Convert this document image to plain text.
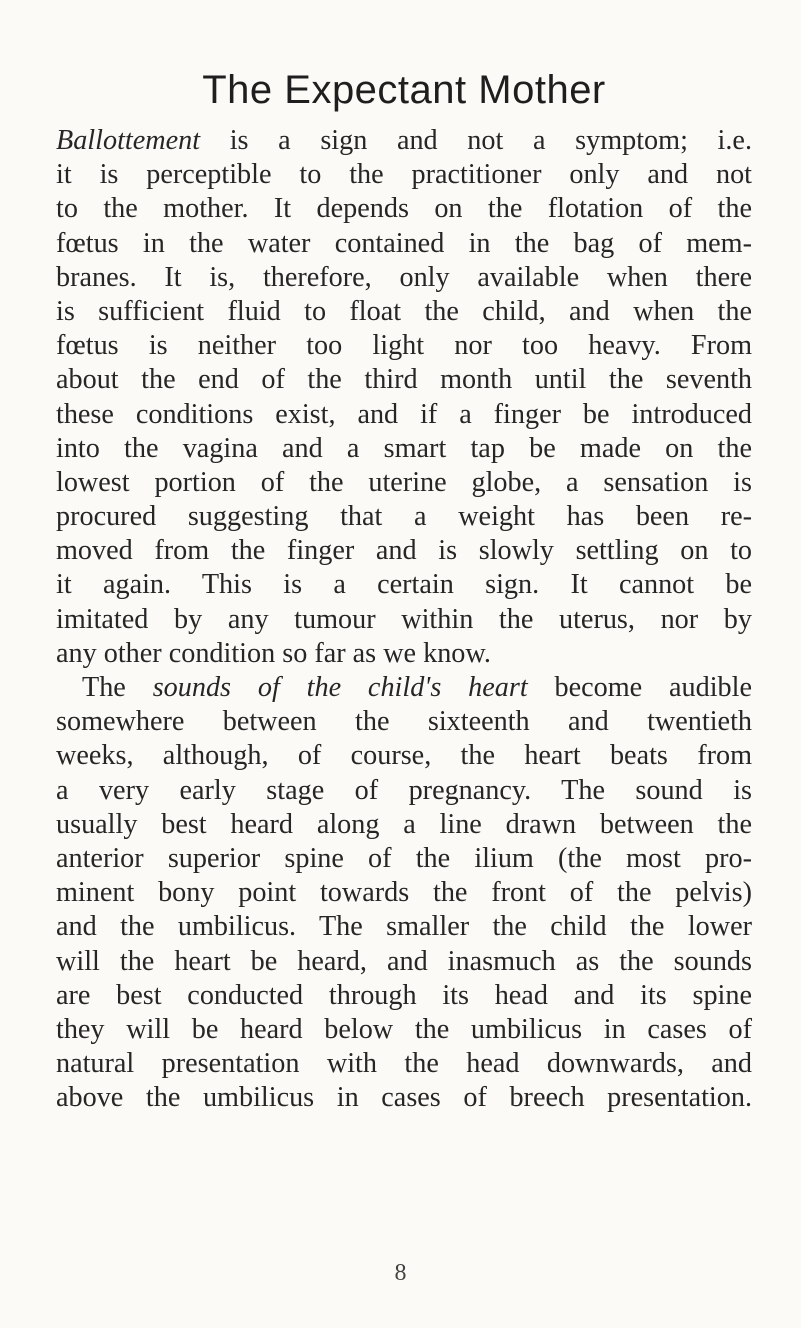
The Expectant Mother
Ballottement is a sign and not a symptom; i.e.
it is perceptible to the practitioner only and not
to the mother. It depends on the flotation of the
fœtus in the water contained in the bag of mem-
branes. It is, therefore, only available when there
is sufficient fluid to float the child, and when the
fœtus is neither too light nor too heavy. From
about the end of the third month until the seventh
these conditions exist, and if a finger be introduced
into the vagina and a smart tap be made on the
lowest portion of the uterine globe, a sensation is
procured suggesting that a weight has been re-
moved from the finger and is slowly settling on to
it again. This is a certain sign. It cannot be
imitated by any tumour within the uterus, nor by
any other condition so far as we know.
The sounds of the child's heart become audible
somewhere between the sixteenth and twentieth
weeks, although, of course, the heart beats from
a very early stage of pregnancy. The sound is
usually best heard along a line drawn between the
anterior superior spine of the ilium (the most pro-
minent bony point towards the front of the pelvis)
and the umbilicus. The smaller the child the lower
will the heart be heard, and inasmuch as the sounds
are best conducted through its head and its spine
they will be heard below the umbilicus in cases of
natural presentation with the head downwards, and
above the umbilicus in cases of breech presentation.
8
